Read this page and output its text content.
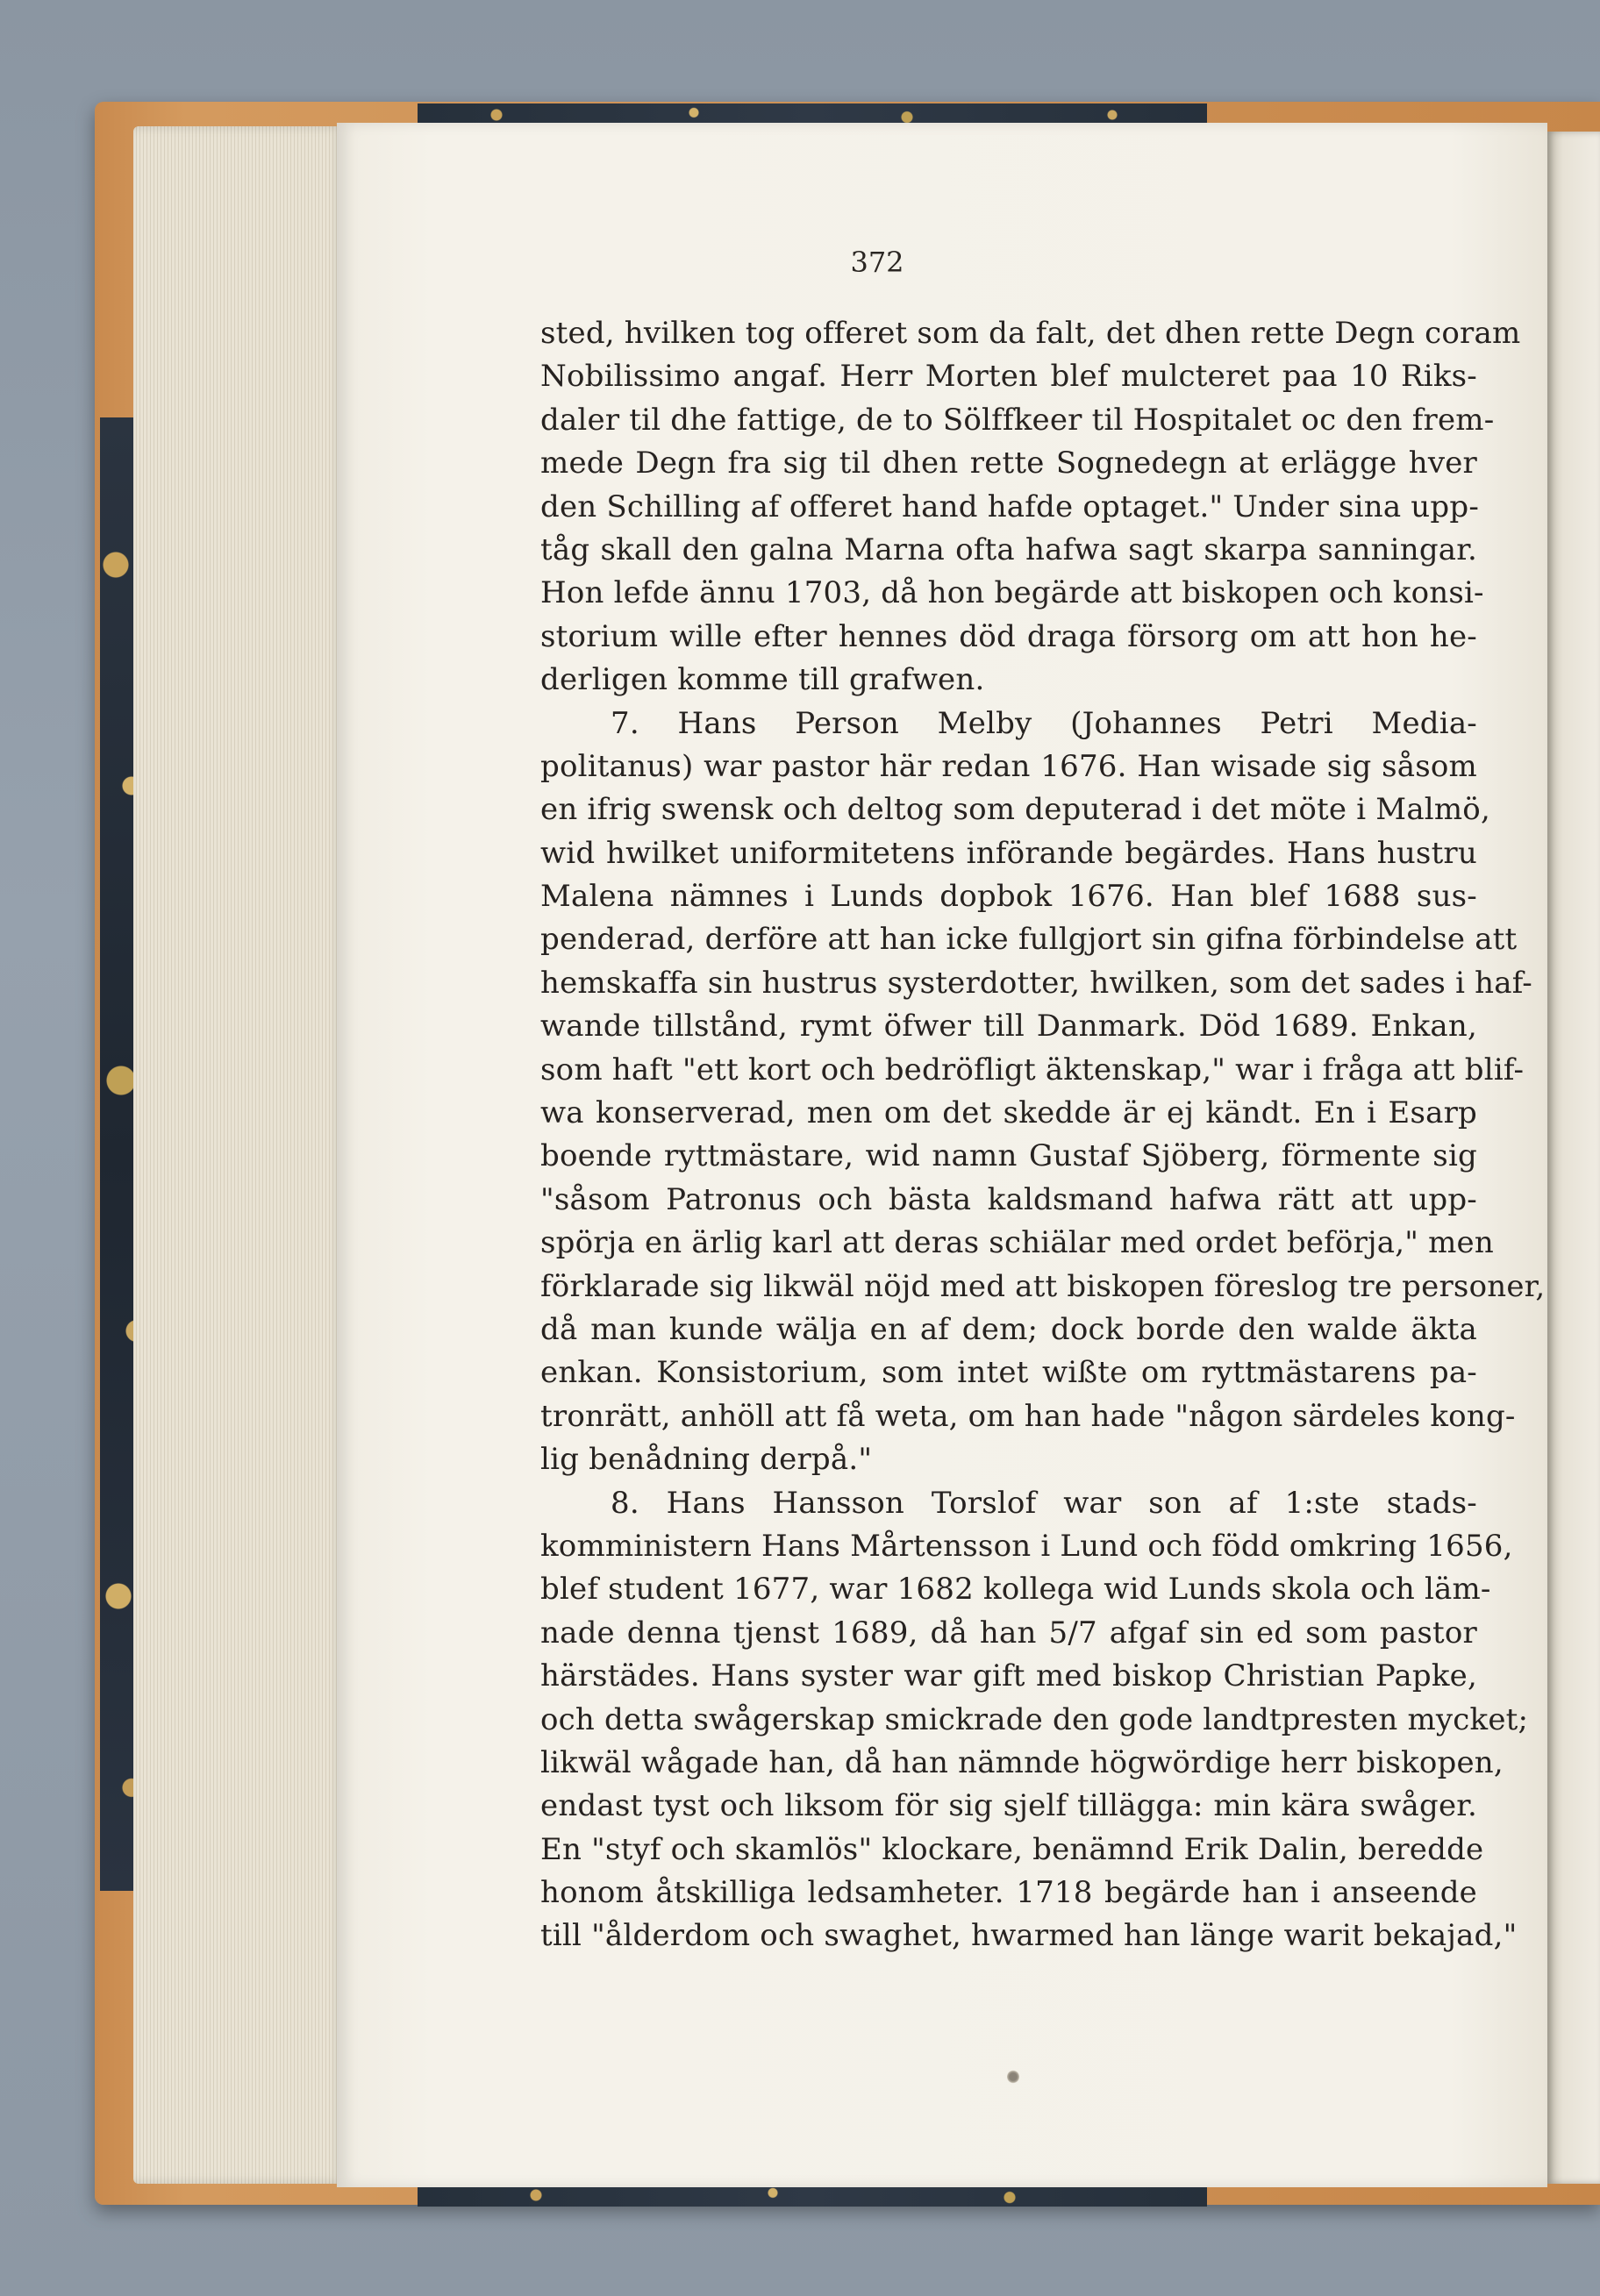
372
sted, hvilken tog offeret som da falt, det dhen rette Degn coram
Nobilissimo angaf. Herr Morten blef mulcteret paa 10 Riks-
daler til dhe fattige, de to Sölffkeer til Hospitalet oc den frem-
mede Degn fra sig til dhen rette Sognedegn at erlägge hver
den Schilling af offeret hand hafde optaget." Under sina upp-
tåg skall den galna Marna ofta hafwa sagt skarpa sanningar.
Hon lefde ännu 1703, då hon begärde att biskopen och konsi-
storium wille efter hennes död draga försorg om att hon he-
derligen komme till grafwen.
7. Hans Person Melby (Johannes Petri Media-
politanus) war pastor här redan 1676. Han wisade sig såsom
en ifrig swensk och deltog som deputerad i det möte i Malmö,
wid hwilket uniformitetens införande begärdes. Hans hustru
Malena nämnes i Lunds dopbok 1676. Han blef 1688 sus-
penderad, derföre att han icke fullgjort sin gifna förbindelse att
hemskaffa sin hustrus systerdotter, hwilken, som det sades i haf-
wande tillstånd, rymt öfwer till Danmark. Död 1689. Enkan,
som haft "ett kort och bedröfligt äktenskap," war i fråga att blif-
wa konserverad, men om det skedde är ej kändt. En i Esarp
boende ryttmästare, wid namn Gustaf Sjöberg, förmente sig
"såsom Patronus och bästa kaldsmand hafwa rätt att upp-
spörja en ärlig karl att deras schiälar med ordet beförja," men
förklarade sig likwäl nöjd med att biskopen föreslog tre personer,
då man kunde wälja en af dem; dock borde den walde äkta
enkan. Konsistorium, som intet wißte om ryttmästarens pa-
tronrätt, anhöll att få weta, om han hade "någon särdeles kong-
lig benådning derpå."
8. Hans Hansson Torslof war son af 1:ste stads-
komministern Hans Mårtensson i Lund och född omkring 1656,
blef student 1677, war 1682 kollega wid Lunds skola och läm-
nade denna tjenst 1689, då han 5/7 afgaf sin ed som pastor
härstädes. Hans syster war gift med biskop Christian Papke,
och detta swågerskap smickrade den gode landtpresten mycket;
likwäl wågade han, då han nämnde högwördige herr biskopen,
endast tyst och liksom för sig sjelf tillägga: min kära swåger.
En "styf och skamlös" klockare, benämnd Erik Dalin, beredde
honom åtskilliga ledsamheter. 1718 begärde han i anseende
till "ålderdom och swaghet, hwarmed han länge warit bekajad,"
